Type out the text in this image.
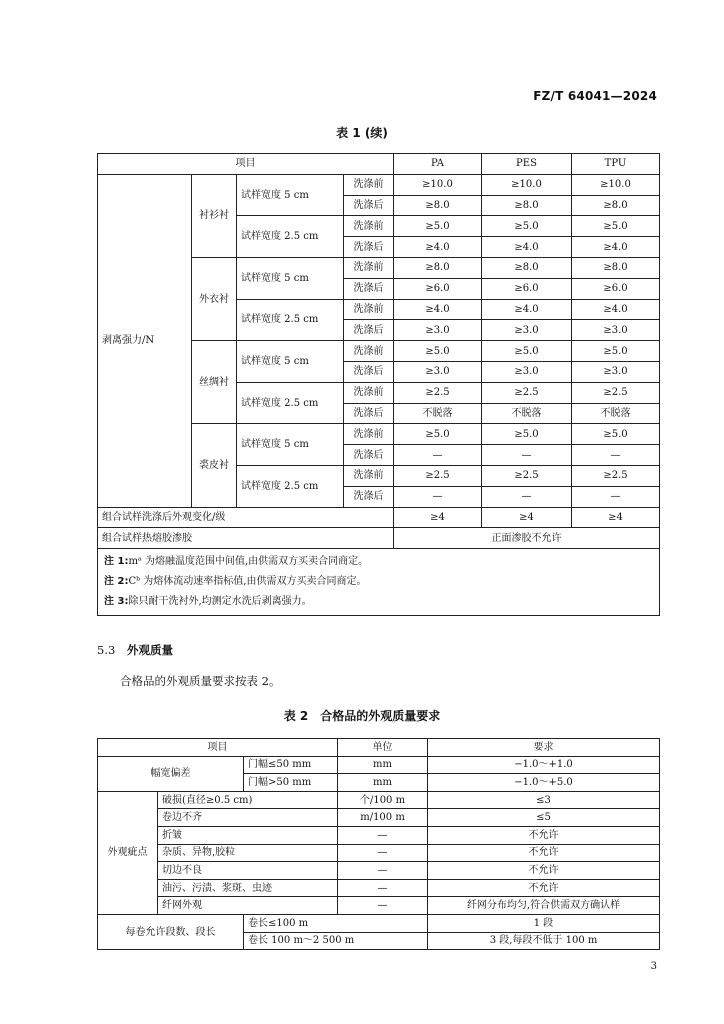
FZ/T 64041—2024
表 1 (续)
项目				PA	PES	TPU
剥离强力/N	衬衫衬	试样宽度 5 cm	洗涤前	≥10.0	≥10.0	≥10.0
			洗涤后	≥8.0	≥8.0	≥8.0
		试样宽度 2.5 cm	洗涤前	≥5.0	≥5.0	≥5.0
			洗涤后	≥4.0	≥4.0	≥4.0
	外衣衬	试样宽度 5 cm	洗涤前	≥8.0	≥8.0	≥8.0
			洗涤后	≥6.0	≥6.0	≥6.0
		试样宽度 2.5 cm	洗涤前	≥4.0	≥4.0	≥4.0
			洗涤后	≥3.0	≥3.0	≥3.0
	丝绸衬	试样宽度 5 cm	洗涤前	≥5.0	≥5.0	≥5.0
			洗涤后	≥3.0	≥3.0	≥3.0
		试样宽度 2.5 cm	洗涤前	≥2.5	≥2.5	≥2.5
			洗涤后	不脱落	不脱落	不脱落
	裘皮衬	试样宽度 5 cm	洗涤前	≥5.0	≥5.0	≥5.0
			洗涤后	—	—	—
		试样宽度 2.5 cm	洗涤前	≥2.5	≥2.5	≥2.5
			洗涤后	—	—	—
组合试样洗涤后外观变化/级				≥4	≥4	≥4
组合试样热熔胶渗胶				正面渗胶不允许		

注 1:mᵃ 为熔融温度范围中间值,由供需双方买卖合同商定。
注 2:Cᵇ 为熔体流动速率指标值,由供需双方买卖合同商定。
注 3:除只耐干洗衬外,均测定水洗后剥离强力。						
5.3 外观质量
合格品的外观质量要求按表 2。
表 2　合格品的外观质量要求
项目			单位	要求
幅宽偏差		门幅≤50 mm	mm	−1.0～+1.0
		门幅>50 mm	mm	−1.0～+5.0
外观疵点	破损(直径≥0.5 cm)		个/100 m	≤3
	卷边不齐		m/100 m	≤5
	折皱		—	不允许
	杂质、异物,胶粒		—	不允许
	切边不良		—	不允许
	油污、污渍、浆斑、虫迹		—	不允许
	纤网外观		—	纤网分布均匀,符合供需双方确认样
每卷允许段数、段长		卷长≤100 m		1 段
		卷长 100 m～2 500 m		3 段,每段不低于 100 m
3
